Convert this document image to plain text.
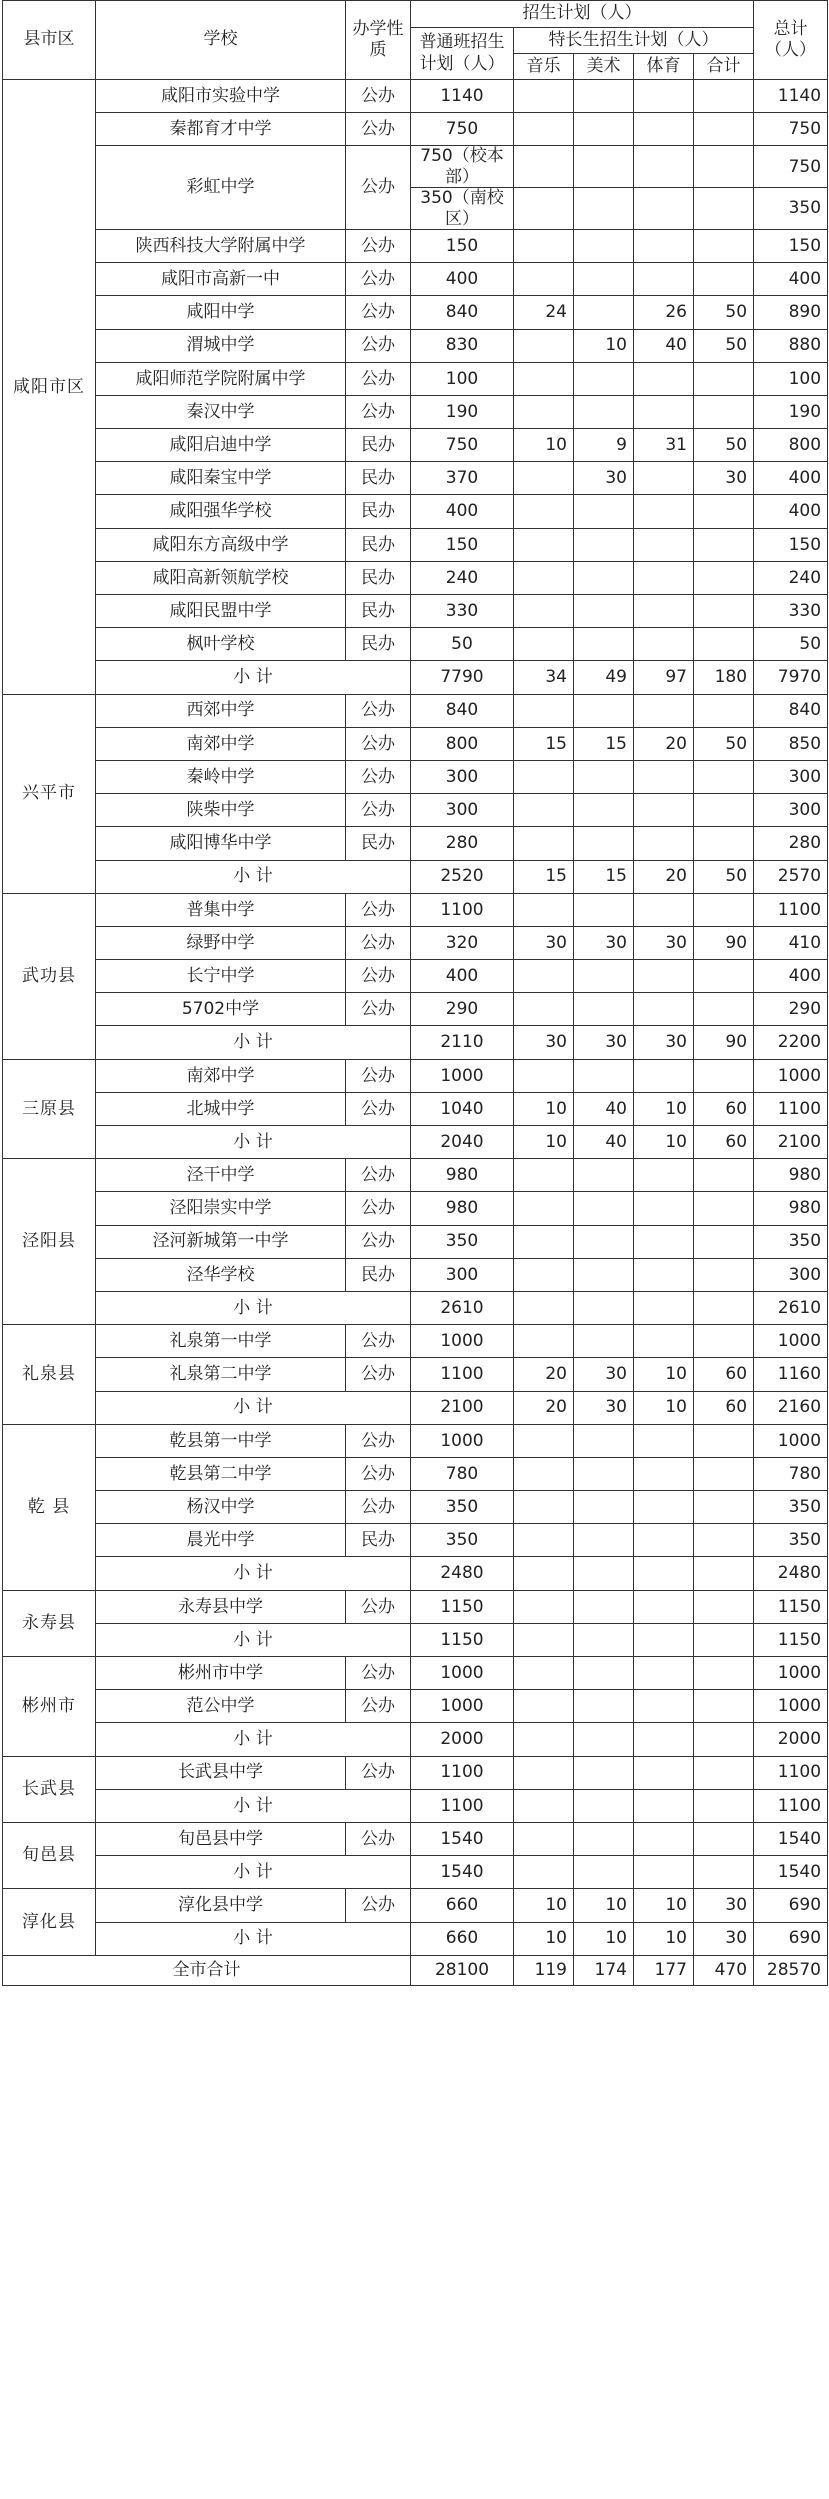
县市区	学校	办学性质	招生计划（人）					总计（人）
			普通班招生计划（人）	特长生招生计划（人）				
				音乐	美术	体育	合计	
咸阳市区	咸阳市实验中学	公办	1140					1140
	秦都育才中学	公办	750					750
	彩虹中学	公办	750（校本部）					750
			350（南校区）					350
	陕西科技大学附属中学	公办	150					150
	咸阳市高新一中	公办	400					400
	咸阳中学	公办	840	24		26	50	890
	渭城中学	公办	830		10	40	50	880
	咸阳师范学院附属中学	公办	100					100
	秦汉中学	公办	190					190
	咸阳启迪中学	民办	750	10	9	31	50	800
	咸阳秦宝中学	民办	370		30		30	400
	咸阳强华学校	民办	400					400
	咸阳东方高级中学	民办	150					150
	咸阳高新领航学校	民办	240					240
	咸阳民盟中学	民办	330					330
	枫叶学校	民办	50					50
	小 计		7790	34	49	97	180	7970
兴平市	西郊中学	公办	840					840
	南郊中学	公办	800	15	15	20	50	850
	秦岭中学	公办	300					300
	陕柴中学	公办	300					300
	咸阳博华中学	民办	280					280
	小 计		2520	15	15	20	50	2570
武功县	普集中学	公办	1100					1100
	绿野中学	公办	320	30	30	30	90	410
	长宁中学	公办	400					400
	5702中学	公办	290					290
	小 计		2110	30	30	30	90	2200
三原县	南郊中学	公办	1000					1000
	北城中学	公办	1040	10	40	10	60	1100
	小 计		2040	10	40	10	60	2100
泾阳县	泾干中学	公办	980					980
	泾阳崇实中学	公办	980					980
	泾河新城第一中学	公办	350					350
	泾华学校	民办	300					300
	小 计		2610					2610
礼泉县	礼泉第一中学	公办	1000					1000
	礼泉第二中学	公办	1100	20	30	10	60	1160
	小 计		2100	20	30	10	60	2160
乾 县	乾县第一中学	公办	1000					1000
	乾县第二中学	公办	780					780
	杨汉中学	公办	350					350
	晨光中学	民办	350					350
	小 计		2480					2480
永寿县	永寿县中学	公办	1150					1150
	小 计		1150					1150
彬州市	彬州市中学	公办	1000					1000
	范公中学	公办	1000					1000
	小 计		2000					2000
长武县	长武县中学	公办	1100					1100
	小 计		1100					1100
旬邑县	旬邑县中学	公办	1540					1540
	小 计		1540					1540
淳化县	淳化县中学	公办	660	10	10	10	30	690
	小 计		660	10	10	10	30	690
全市合计			28100	119	174	177	470	28570
